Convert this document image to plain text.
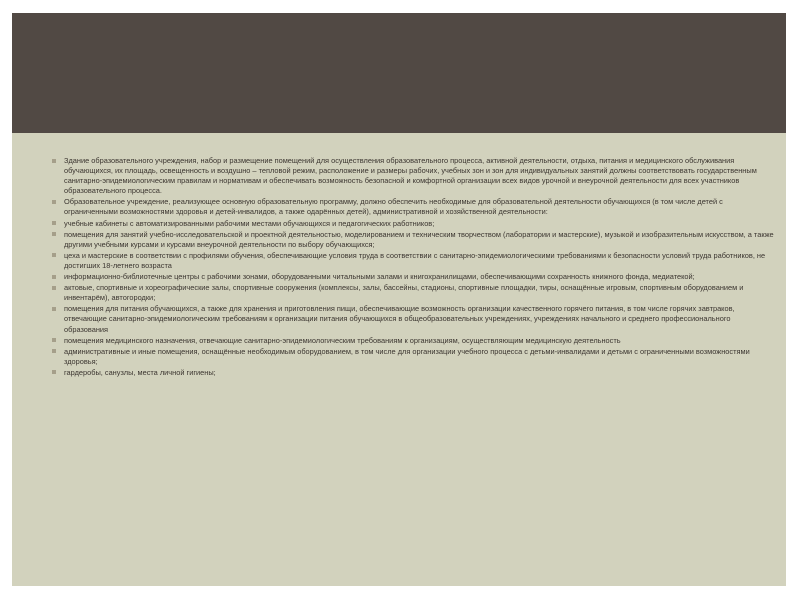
Здание образовательного учреждения, набор и размещение помещений для осуществления образовательного процесса, активной деятельности, отдыха, питания и медицинского обслуживания обучающихся, их площадь, освещенность и воздушно – тепловой режим, расположение и размеры рабочих, учебных зон и зон для индивидуальных занятий должны соответствовать государственным санитарно-эпидемиологическим правилам и нормативам и обеспечивать возможность безопасной и комфортной организации всех видов урочной и внеурочной деятельности для всех участников образовательного процесса.
Образовательное учреждение, реализующее основную образовательную программу, должно обеспечить необходимые для образовательной деятельности обучающихся (в том числе детей с ограниченными возможностями здоровья и детей-инвалидов, а также одарённых детей), административной и хозяйственной деятельности:
учебные кабинеты с автоматизированными рабочими местами обучающихся и педагогических работников;
помещения для занятий учебно-исследовательской и проектной деятельностью, моделированием и техническим творчеством (лаборатории и мастерские), музыкой и изобразительным искусством, а также другими учебными курсами и курсами внеурочной деятельности по выбору обучающихся;
цеха и мастерские в соответствии с профилями обучения, обеспечивающие условия труда в соответствии с санитарно-эпидемиологическими требованиями к безопасности условий труда работников, не достигших 18-летнего возраста
информационно-библиотечные центры с рабочими зонами, оборудованными читальными залами и книгохранилищами, обеспечивающими сохранность книжного фонда, медиатекой;
актовые, спортивные и хореографические залы, спортивные сооружения (комплексы, залы, бассейны, стадионы, спортивные площадки, тиры, оснащённые игровым, спортивным оборудованием и инвентарём), автогородки;
помещения для питания обучающихся, а также для хранения и приготовления пищи, обеспечивающие возможность организации качественного горячего питания, в том числе горячих завтраков, отвечающие санитарно-эпидемиологическим требованиям к организации питания обучающихся в общеобразовательных учреждениях, учреждениях начального и среднего профессионального образования
помещения медицинского назначения, отвечающие санитарно-эпидемиологическим требованиям к организациям, осуществляющим медицинскую деятельность
административные и иные помещения, оснащённые необходимым оборудованием, в том числе для организации учебного процесса с детьми-инвалидами и детьми с ограниченными возможностями здоровья;
гардеробы, санузлы, места личной гигиены;
